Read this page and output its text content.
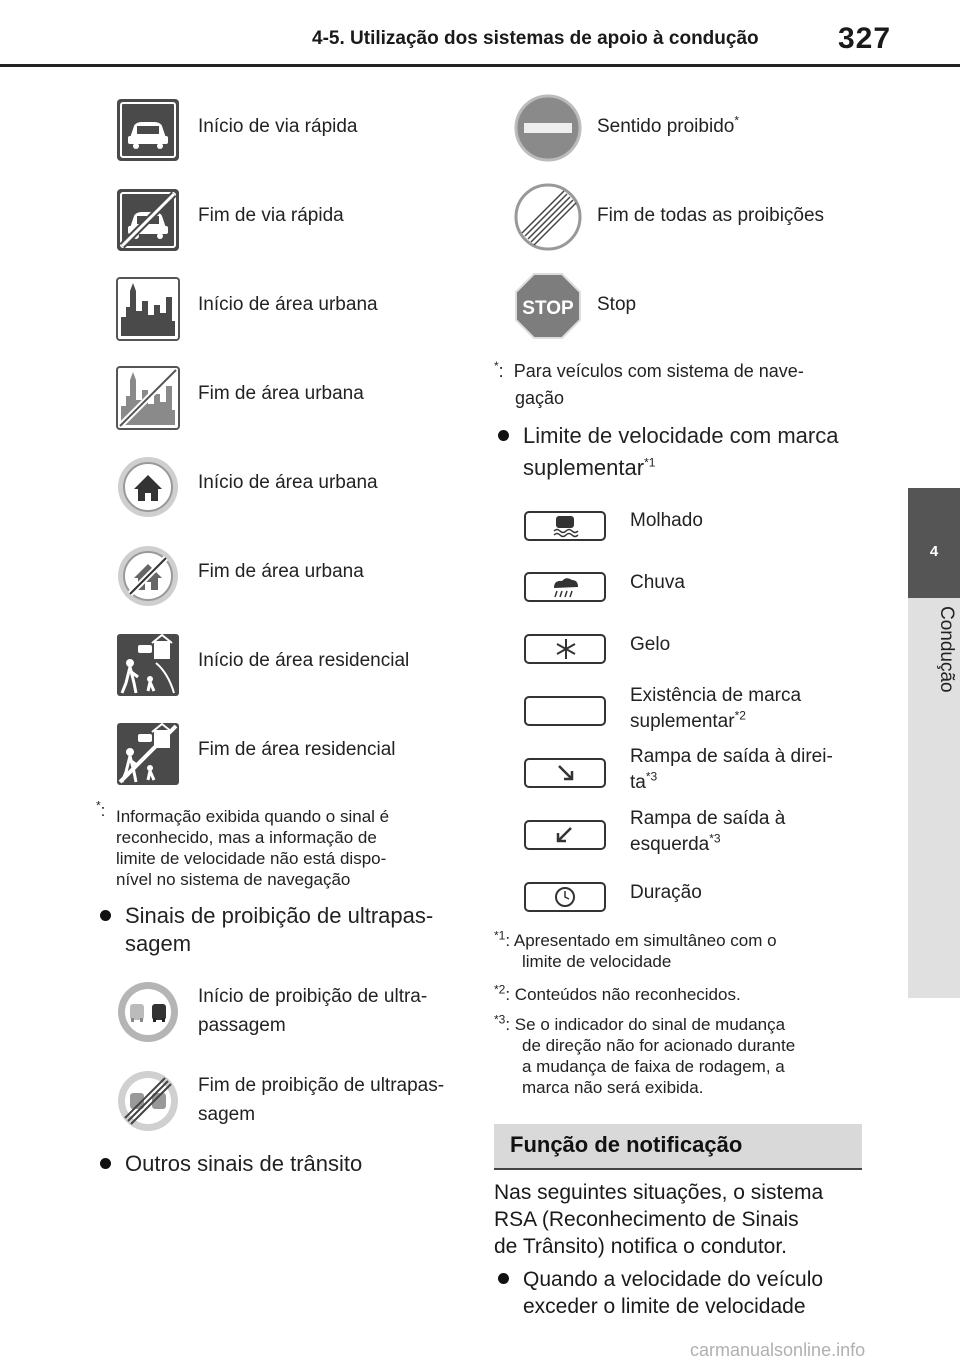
4-5. Utilização dos sistemas de apoio à condução	327
4
Condução
Início de via rápida
Fim de via rápida
Início de área urbana
Fim de área urbana
Início de área urbana
Fim de área urbana
Início de área residencial
Fim de área residencial
*: Informação exibida quando o sinal é
reconhecido, mas a informação de
limite de velocidade não está dispo-
nível no sistema de navegação
Sinais de proibição de ultrapas-
sagem
Início de proibição de ultra-
passagem
Fim de proibição de ultrapas-
sagem
Outros sinais de trânsito
Sentido proibido*
Fim de todas as proibições
STOP Stop
*:  Para veículos com sistema de nave-
gação
Limite de velocidade com marca
suplementar$^{*1}$
Molhado
Chuva
Gelo
Existência de marca
suplementar$^{*2}$
Rampa de saída à direi-
$ta^{*3}$
Rampa de saída à
esquerda$^{*3}$
Duração
$^{*1}$: Apresentado em simultâneo com o
limite de velocidade
$^{*2}$: Conteúdos não reconhecidos.
$^{*3}$: Se o indicador do sinal de mudança
de direção não for acionado durante
a mudança de faixa de rodagem, a
marca não será exibida.
Função de notificação
Nas seguintes situações, o sistema
RSA (Reconhecimento de Sinais
de Trânsito) notifica o condutor.
Quando a velocidade do veículo
exceder o limite de velocidade
carmanualsonline.info
